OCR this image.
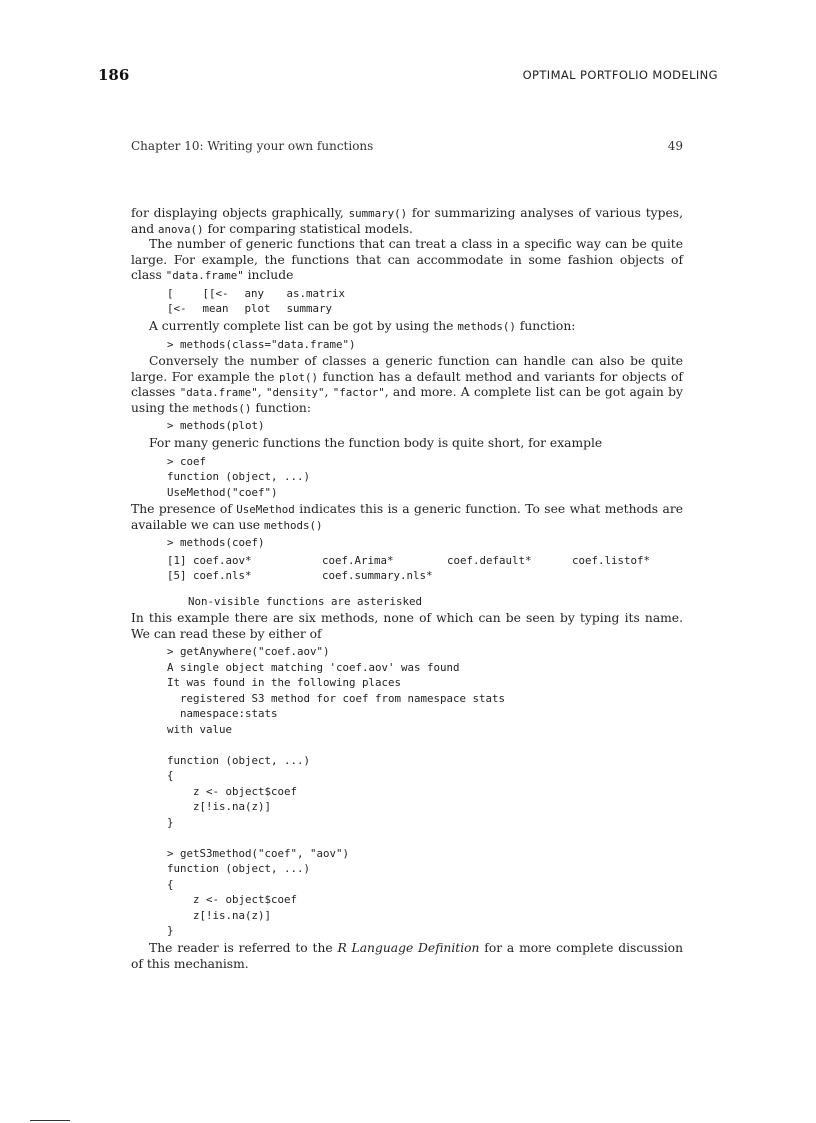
186	OPTIMAL PORTFOLIO MODELING
Chapter 10: Writing your own functions	49

for displaying objects graphically, summary() for summarizing analyses of various types, and anova() for comparing statistical models.

The number of generic functions that can treat a class in a specific way can be quite large. For example, the functions that can accommodate in some fashion objects of class "data.frame" include

[	[[<-	any	as.matrix
[<-	mean	plot	summary

A currently complete list can be got by using the methods() function:

> methods(class="data.frame")

Conversely the number of classes a generic function can handle can also be quite large. For example the plot() function has a default method and variants for objects of classes "data.frame", "density", "factor", and more. A complete list can be got again by using the methods() function:

> methods(plot)

For many generic functions the function body is quite short, for example

> coef
function (object, ...)
UseMethod("coef")

The presence of UseMethod indicates this is a generic function. To see what methods are available we can use methods()

> methods(coef)
[1] coef.aov*	coef.Arima*	coef.default*	coef.listof*
[5] coef.nls*	coef.summary.nls*		
Non-visible functions are asterisked

In this example there are six methods, none of which can be seen by typing its name. We can read these by either of

> getAnywhere("coef.aov")
A single object matching 'coef.aov' was found
It was found in the following places
registered S3 method for coef from namespace stats
namespace:stats
with value
function (object, ...)
{
z <- object$coef
z[!is.na(z)]
}
> getS3method("coef", "aov")
function (object, ...)
{
z <- object$coef
z[!is.na(z)]
}

The reader is referred to the R Language Definition for a more complete discussion of this mechanism.
